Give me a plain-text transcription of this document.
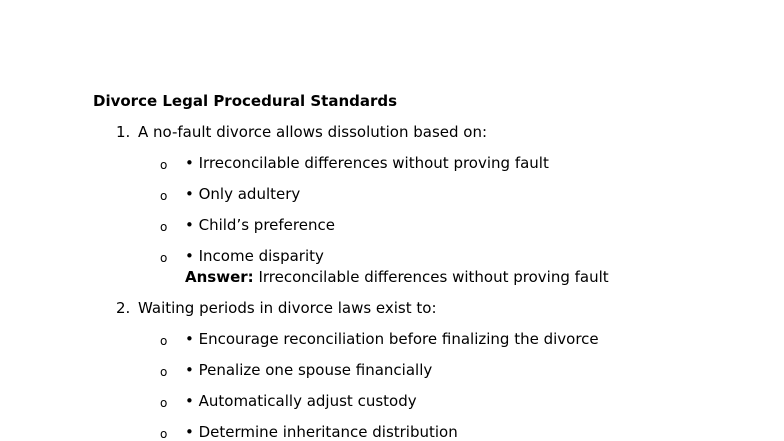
Divorce Legal Procedural Standards
1. A no-fault divorce allows dissolution based on:
o • Irreconcilable differences without proving fault
o • Only adultery
o • Child’s preference
o • Income disparity
Answer: Irreconcilable differences without proving fault
2. Waiting periods in divorce laws exist to:
o • Encourage reconciliation before finalizing the divorce
o • Penalize one spouse financially
o • Automatically adjust custody
o • Determine inheritance distribution
